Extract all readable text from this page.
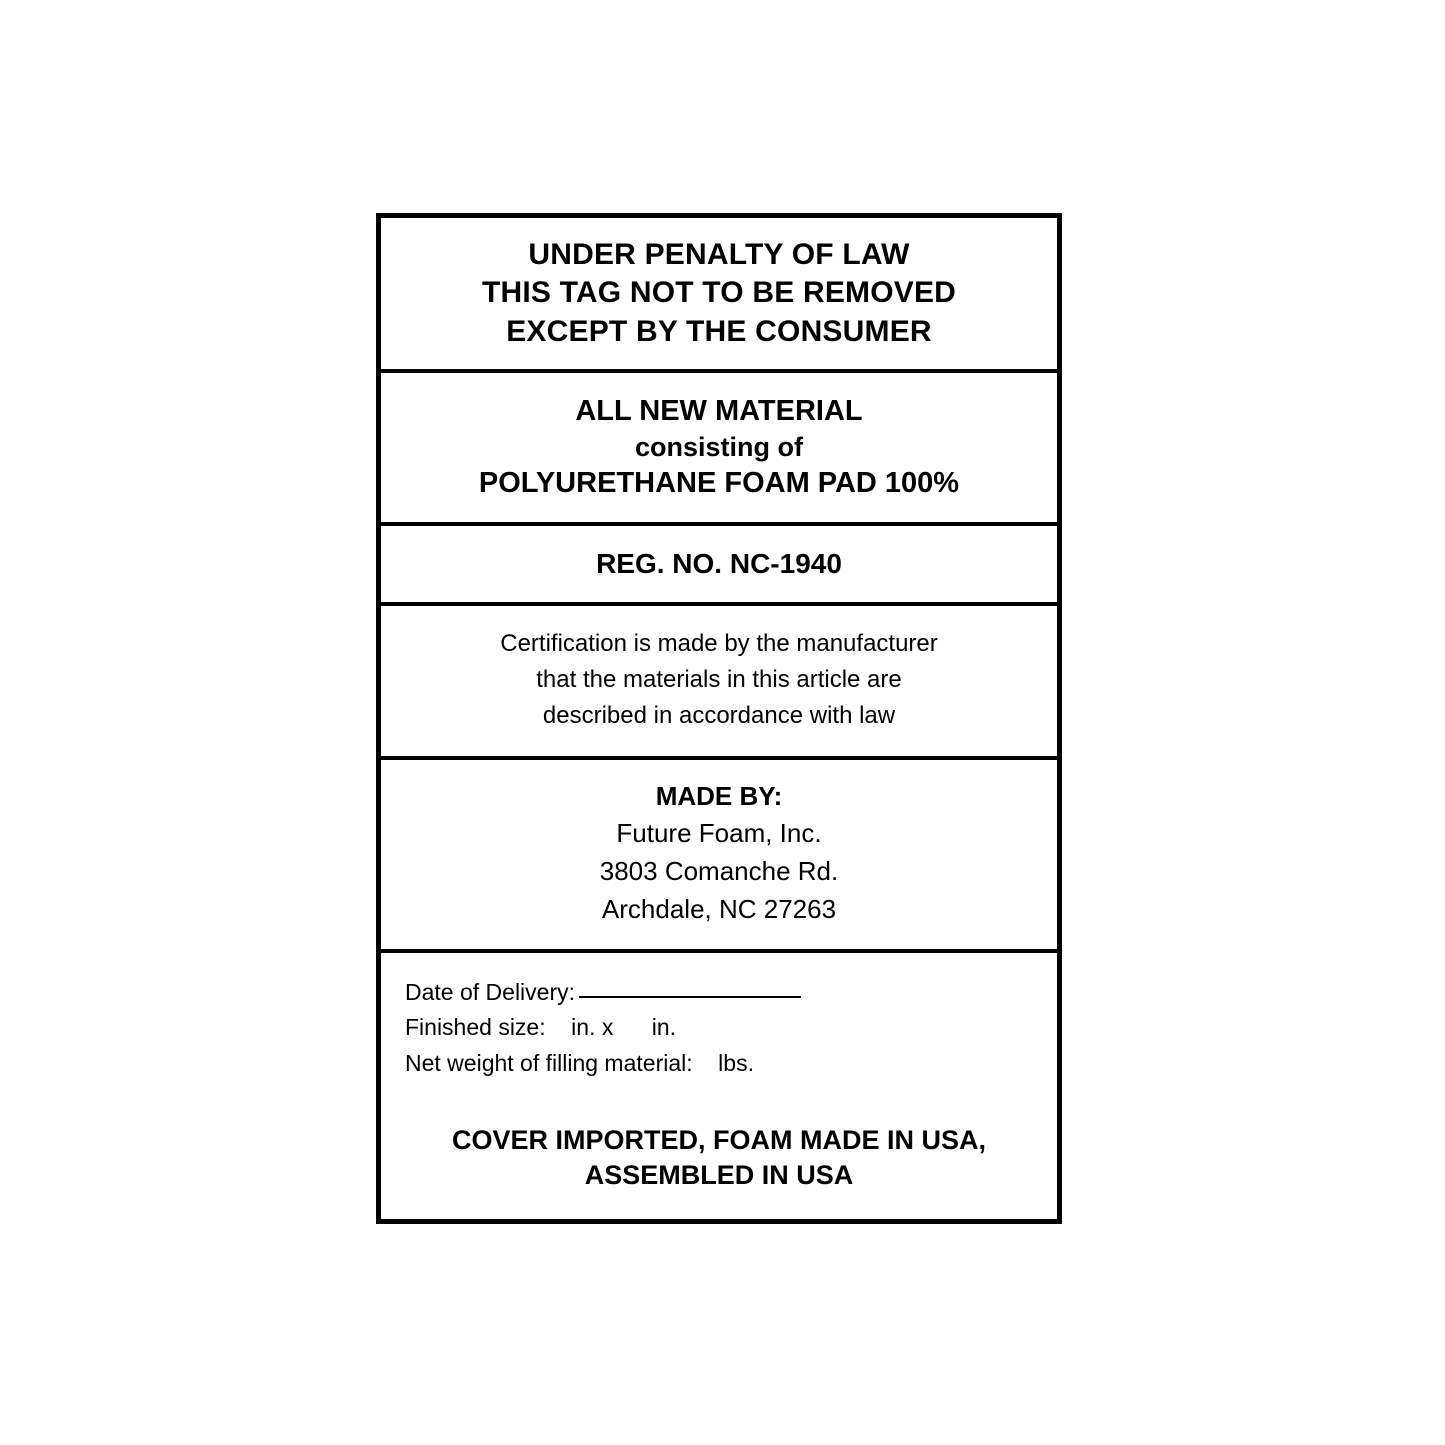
UNDER PENALTY OF LAW
THIS TAG NOT TO BE REMOVED
EXCEPT BY THE CONSUMER
ALL NEW MATERIAL
consisting of
POLYURETHANE FOAM PAD 100%
REG. NO. NC-1940
Certification is made by the manufacturer
that the materials in this article are
described in accordance with law
MADE BY:
Future Foam, Inc.
3803 Comanche Rd.
Archdale, NC 27263
Date of Delivery:
Finished size:    in. x      in.
Net weight of filling material:    lbs.
COVER IMPORTED, FOAM MADE IN USA,
ASSEMBLED IN USA
